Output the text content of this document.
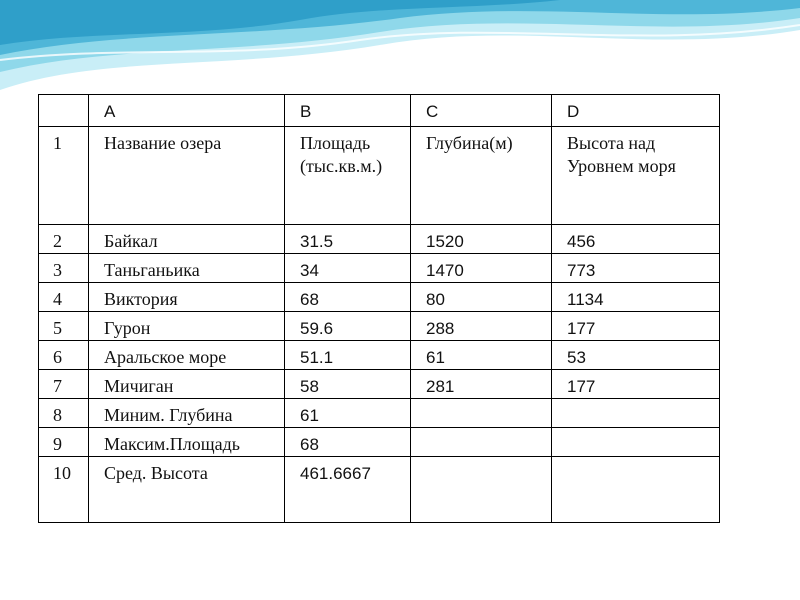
	A	B	C	D
1	Название озера	Площадь (тыс.кв.м.)	Глубина(м)	Высота над Уровнем моря
2	Байкал	31.5	1520	456
3	Таньганьика	34	1470	773
4	Виктория	68	80	1134
5	Гурон	59.6	288	177
6	Аральское море	51.1	61	53
7	Мичиган	58	281	177
8	Миним. Глубина	61		
9	Максим.Площадь	68		
10	Сред. Высота	461.6667		
